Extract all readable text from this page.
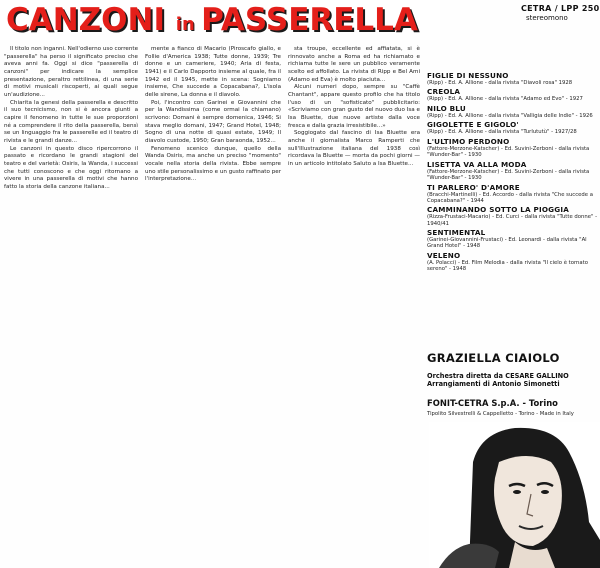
CANZONI in PASSERELLA	CETRA / LPP 250
stereomono

Il titolo non inganni. Nell'odierno uso corrente "passerella" ha perso il significato preciso che aveva anni fa. Oggi si dice "passerella di canzoni" per indicare la semplice presentazione, peraltro rettilinea, di una serie di motivi musicali riscoperti, ai quali segue un'audizione...

Chiarita la genesi della passerella e descritto il suo tecnicismo, non si è ancora giunti a capire il fenomeno in tutte le sue proporzioni né a comprendere il rito della passerella, bensì se un linguaggio fra le passerelle ed il teatro di rivista e le grandi danze...

Le canzoni in questo disco ripercorrono il passato e ricordano le grandi stagioni del teatro e del varietà: Osiris, la Wanda, i successi che tutti conoscono e che oggi ritornano a vivere in una passerella di motivi che hanno fatto la storia della canzone italiana...

mente a fianco di Macario (Piroscafo giallo, e Follie d'America 1938; Tutte donne, 1939; Tre donne e un cameriere, 1940; Aria di festa, 1941) e il Carlo Dapporto insieme al quale, fra il 1942 ed il 1945, mette in scena: Sogniamo insieme, Che succede a Copacabana?, L'isola delle sirene, La donna e il diavolo.

Poi, l'incontro con Garinei e Giovannini che per la Wandissima (come ormai la chiamano) scrivono: Domani è sempre domenica, 1946; Si stava meglio domani, 1947; Grand Hotel, 1948; Sogno di una notte di quasi estate, 1949; Il diavolo custode, 1950; Gran baraonda, 1952...

Fenomeno scenico dunque, quello della Wanda Osiris, ma anche un preciso "momento" vocale nella storia della rivista. Ebbe sempre uno stile personalissimo e un gusto raffinato per l'interpretazione...

sta troupe, eccellente ed affiatata, si è rinnovato anche a Roma ed ha richiamato e richiama tutte le sere un pubblico veramente scelto ed affollato. La rivista di Ripp e Bel Ami (Adamo ed Eva) è molto piaciuta...

Alcuni numeri dopo, sempre su "Caffè Chantant", appare questo profilo che ha titolo l'uso di un "sofisticato" pubblicitario: «Scriviamo con gran gusto del nuovo duo Isa e Isa Bluette, due nuove artiste dalla voce fresca e dalla grazia irresistibile...»

Soggiogato dal fascino di Isa Bluette era anche il giornalista Marco Ramperti che sull'Illustrazione italiana del 1938 così ricordava la Bluette — morta da pochi giorni — in un articolo intitolato Saluto a Isa Bluette...

FIGLIE DI NESSUNO
(Ripp) - Ed. A. Allione - dalla rivista "Diavoli rosa" 1928
CREOLA
(Ripp) - Ed. A. Allione - dalla rivista "Adamo ed Evo" - 1927
NILO BLU
(Ripp) - Ed. A. Allione - dalla rivista "Valligia delle Indie" - 1926
GIGOLETTE E GIGOLO'
(Ripp) - Ed. A. Allione - dalla rivista "Turlututù" - 1927/28
L'ULTIMO PERDONO
(Fattore-Merzone-Katscher) - Ed. Suvini-Zerboni - dalla rivista "Wunder-Bar" - 1930
LISETTA VA ALLA MODA
(Fattore-Merzone-Katscher) - Ed. Suvini-Zerboni - dalla rivista "Wunder-Bar" - 1930
TI PARLERO' D'AMORE
(Bracchi-Martinelli) - Ed. Accordo - dalla rivista "Che succede a Copacabana?" - 1944
CAMMINANDO SOTTO LA PIOGGIA
(Rizza-Frustaci-Macario) - Ed. Curci - dalla rivista "Tutte donne" - 1940/41
SENTIMENTAL
(Garinei-Giovannini-Frustaci) - Ed. Leonardi - dalla rivista "Al Grand Hotel" - 1948
VELENO
(A. Polacci) - Ed. Film Melodia - dalla rivista "Il cielo è tornato sereno" - 1948
GRAZIELLA CIAIOLO
Orchestra diretta da CESARE GALLINO
Arrangiamenti di Antonio Simonetti
FONIT-CETRA S.p.A. - Torino
Tipolito Silvestrelli & Cappelletto - Torino - Made in Italy
